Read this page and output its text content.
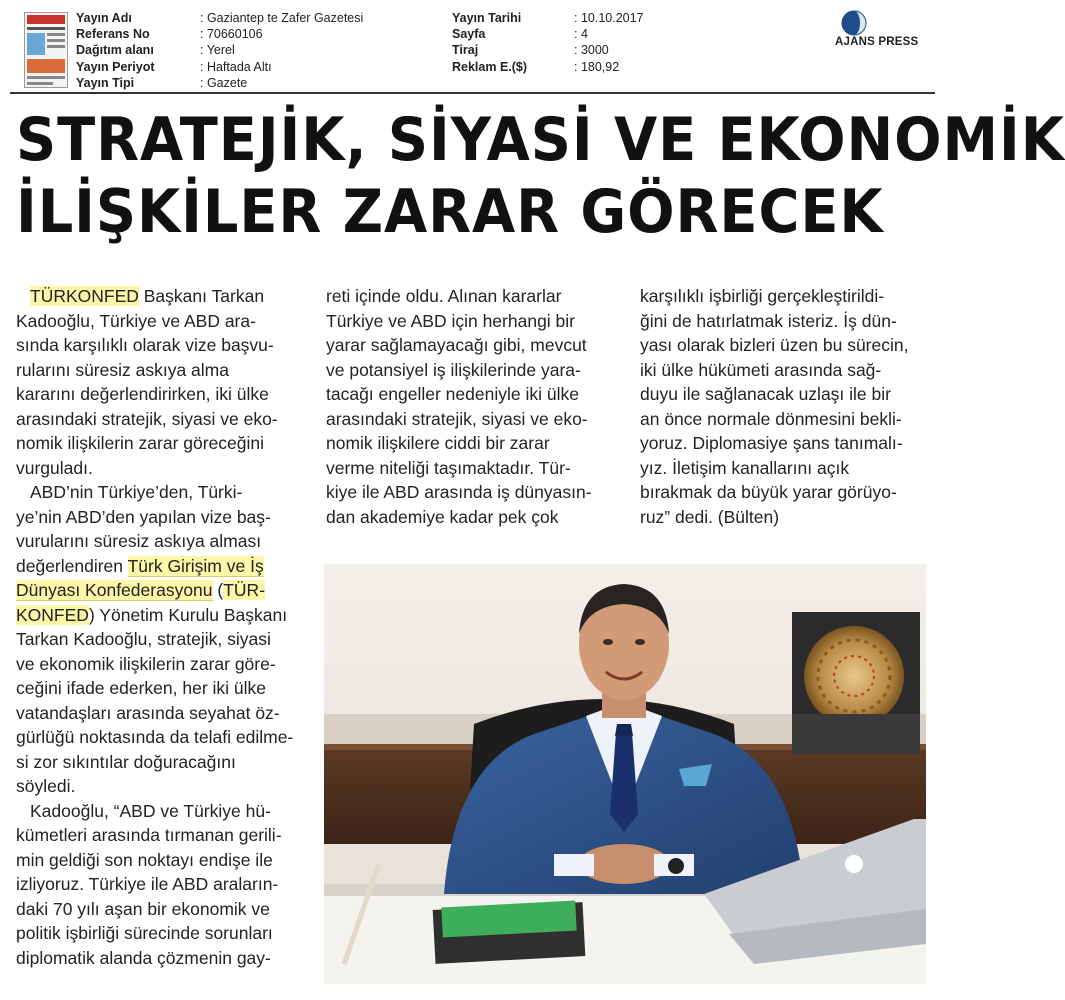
Yayın Adı	: Gaziantep te Zafer Gazetesi
Referans No	: 70660106
Dağıtım alanı	: Yerel
Yayın Periyot	: Haftada Altı
Yayın Tipi	: Gazete
Yayın Tarihi	: 10.10.2017
Sayfa	: 4
Tiraj	: 3000
Reklam E.($)	: 180,92
AJANS PRESS
STRATEJİK, SİYASİ VE EKONOMİK
İLİŞKİLER ZARAR GÖRECEK
TÜRKONFED Başkanı Tarkan
Kadooğlu, Türkiye ve ABD ara-
sında karşılıklı olarak vize başvu-
rularını süresiz askıya alma
kararını değerlendirirken, iki ülke
arasındaki stratejik, siyasi ve eko-
nomik ilişkilerin zarar göreceğini
vurguladı.
ABD’nin Türkiye’den, Türki-
ye’nin ABD’den yapılan vize baş-
vurularını süresiz askıya alması
değerlendiren Türk Girişim ve İş
Dünyası Konfederasyonu (TÜR-
KONFED) Yönetim Kurulu Başkanı
Tarkan Kadooğlu, stratejik, siyasi
ve ekonomik ilişkilerin zarar göre-
ceğini ifade ederken, her iki ülke
vatandaşları arasında seyahat öz-
gürlüğü noktasında da telafi edilme-
si zor sıkıntılar doğuracağını
söyledi.
Kadooğlu, “ABD ve Türkiye hü-
kümetleri arasında tırmanan gerili-
min geldiği son noktayı endişe ile
izliyoruz. Türkiye ile ABD araların-
daki 70 yılı aşan bir ekonomik ve
politik işbirliği sürecinde sorunları
diplomatik alanda çözmenin gay-
reti içinde oldu. Alınan kararlar
Türkiye ve ABD için herhangi bir
yarar sağlamayacağı gibi, mevcut
ve potansiyel iş ilişkilerinde yara-
tacağı engeller nedeniyle iki ülke
arasındaki stratejik, siyasi ve eko-
nomik ilişkilere ciddi bir zarar
verme niteliği taşımaktadır. Tür-
kiye ile ABD arasında iş dünyasın-
dan akademiye kadar pek çok
karşılıklı işbirliği gerçekleştirildi-
ğini de hatırlatmak isteriz. İş dün-
yası olarak bizleri üzen bu sürecin,
iki ülke hükümeti arasında sağ-
duyu ile sağlanacak uzlaşı ile bir
an önce normale dönmesini bekli-
yoruz. Diplomasiye şans tanımalı-
yız. İletişim kanallarını açık
bırakmak da büyük yarar görüyo-
ruz” dedi. (Bülten)
